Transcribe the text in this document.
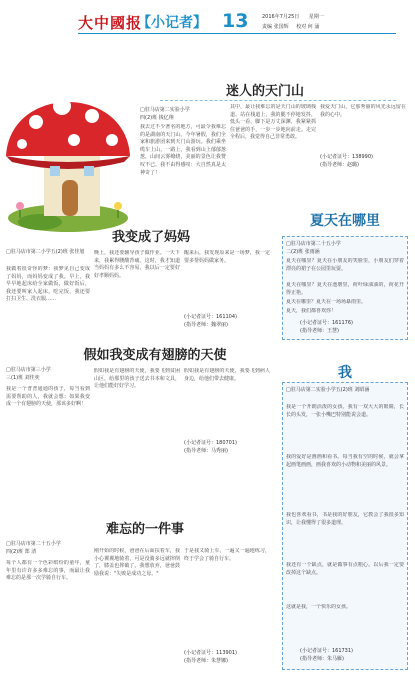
大中國报
【小记者】 13	2016年7月25日 星期一
责编 张国辉 校对 何 涌
迷人的天门山
□驻马店第二实验小学
四(2)班 钱亿翔
我去过不少著名的地方，可最令我难忘的是湖南的天门山。今年暑假，我们全家和旅游团来到天门山游玩。我们乘坐缆车上山，一路上，我看到山上郁郁葱葱，山间云雾缭绕，美丽的景色让我赞叹不已。我不由得感叹：大自然真是太神奇了！
其中，最让我难忘的是天门山的玻璃栈道。站在栈道上，我的腿不停地发抖，低头一看，脚下是万丈深渊，我紧紧抓住爸爸的手，一步一步地向前走。走完全程后，我觉得自己非常勇敢。
我爱天门山，它那秀丽的风光永远留在我的心中。
(小记者证号：138990)
(指导老师：赵璐)
我变成了妈妈
□驻马店市第二小学五(2)班 张佳旭
我做着很奇怪的梦：我梦见自己变成了妈妈，而妈妈变成了我。早上，我早早地起床给全家做饭，做好饭后，我还要叫家人起床。吃完饭，我还要打扫卫生、洗衣服……
晚上，我还要辅导孩子做作业。一天下来，我累得腰酸背痛。这时，我才知道当妈妈有多么不容易，我以后一定要好好孝顺妈妈。
醒来后，我发现原来是一场梦，我一定要多帮妈妈做家务。
(小记者证号：161104)
(指导老师：魏翠丽)
假如我变成有翅膀的天使
□驻马店市第三小学
三(1)班 刘佳奕
我是一个普普通通的孩子，每当看到需要帮助的人，我就会想：如果我变成一个有翅膀的天使，那该多好啊！
假如我是有翅膀的天使，我要飞到贫困山区，给那里的孩子送去书本和文具，让他们能好好学习。
假如我是有翅膀的天使，我要飞到病人身边，给他们带去健康。
(小记者证号：180701)
(指导老师：马秀丽)
难忘的一件事
□驻马店市第二十五小学
四(2)班 郑 清
每个人都有一个色彩缤纷的童年，童年里有许许多多难忘的事，而最让我难忘的是那一次学骑自行车。
刚开始的时候，爸爸在后面扶着车，我小心翼翼地骑着，可是没骑多远就摔倒了，膝盖也摔破了。我想放弃，爸爸鼓励我说："失败是成功之母。"
于是我又骑上车，一遍又一遍地练习，终于学会了骑自行车。
(小记者证号：113901)
(指导老师：朱慧娜)
夏天在哪里
□驻马店市第二十五小学
二(2)班 张雨涵
夏天在哪里？夏天在小朋友的笑脸里，小朋友们穿着漂亮的裙子在公园里玩耍。
夏天在哪里？夏天在池塘里，荷叶绿油油的，荷花开得正艳。
夏天在哪里？夏天在一场场暴雨里。
夏天，我们都喜欢你！
(小记者证号：161176)
(指导老师：王慧)
我
□驻马店第二实验小学五(2)班 刘昭涵
我是一个开朗活泼的女孩。我有一双大大的眼睛，长长的头发，一张小嘴巴特别能说会道。
我的爱好是画画和看书。每当我有空的时候，就会拿起画笔画画，画我喜欢的小动物和美丽的风景。
我也喜欢看书，书是我的好朋友，它教会了我很多知识，让我懂得了很多道理。
我还有一个缺点，就是做事有点粗心。以后我一定要改掉这个缺点。
这就是我，一个快乐的女孩。
(小记者证号：161731)
(指导老师：朱马雁)
